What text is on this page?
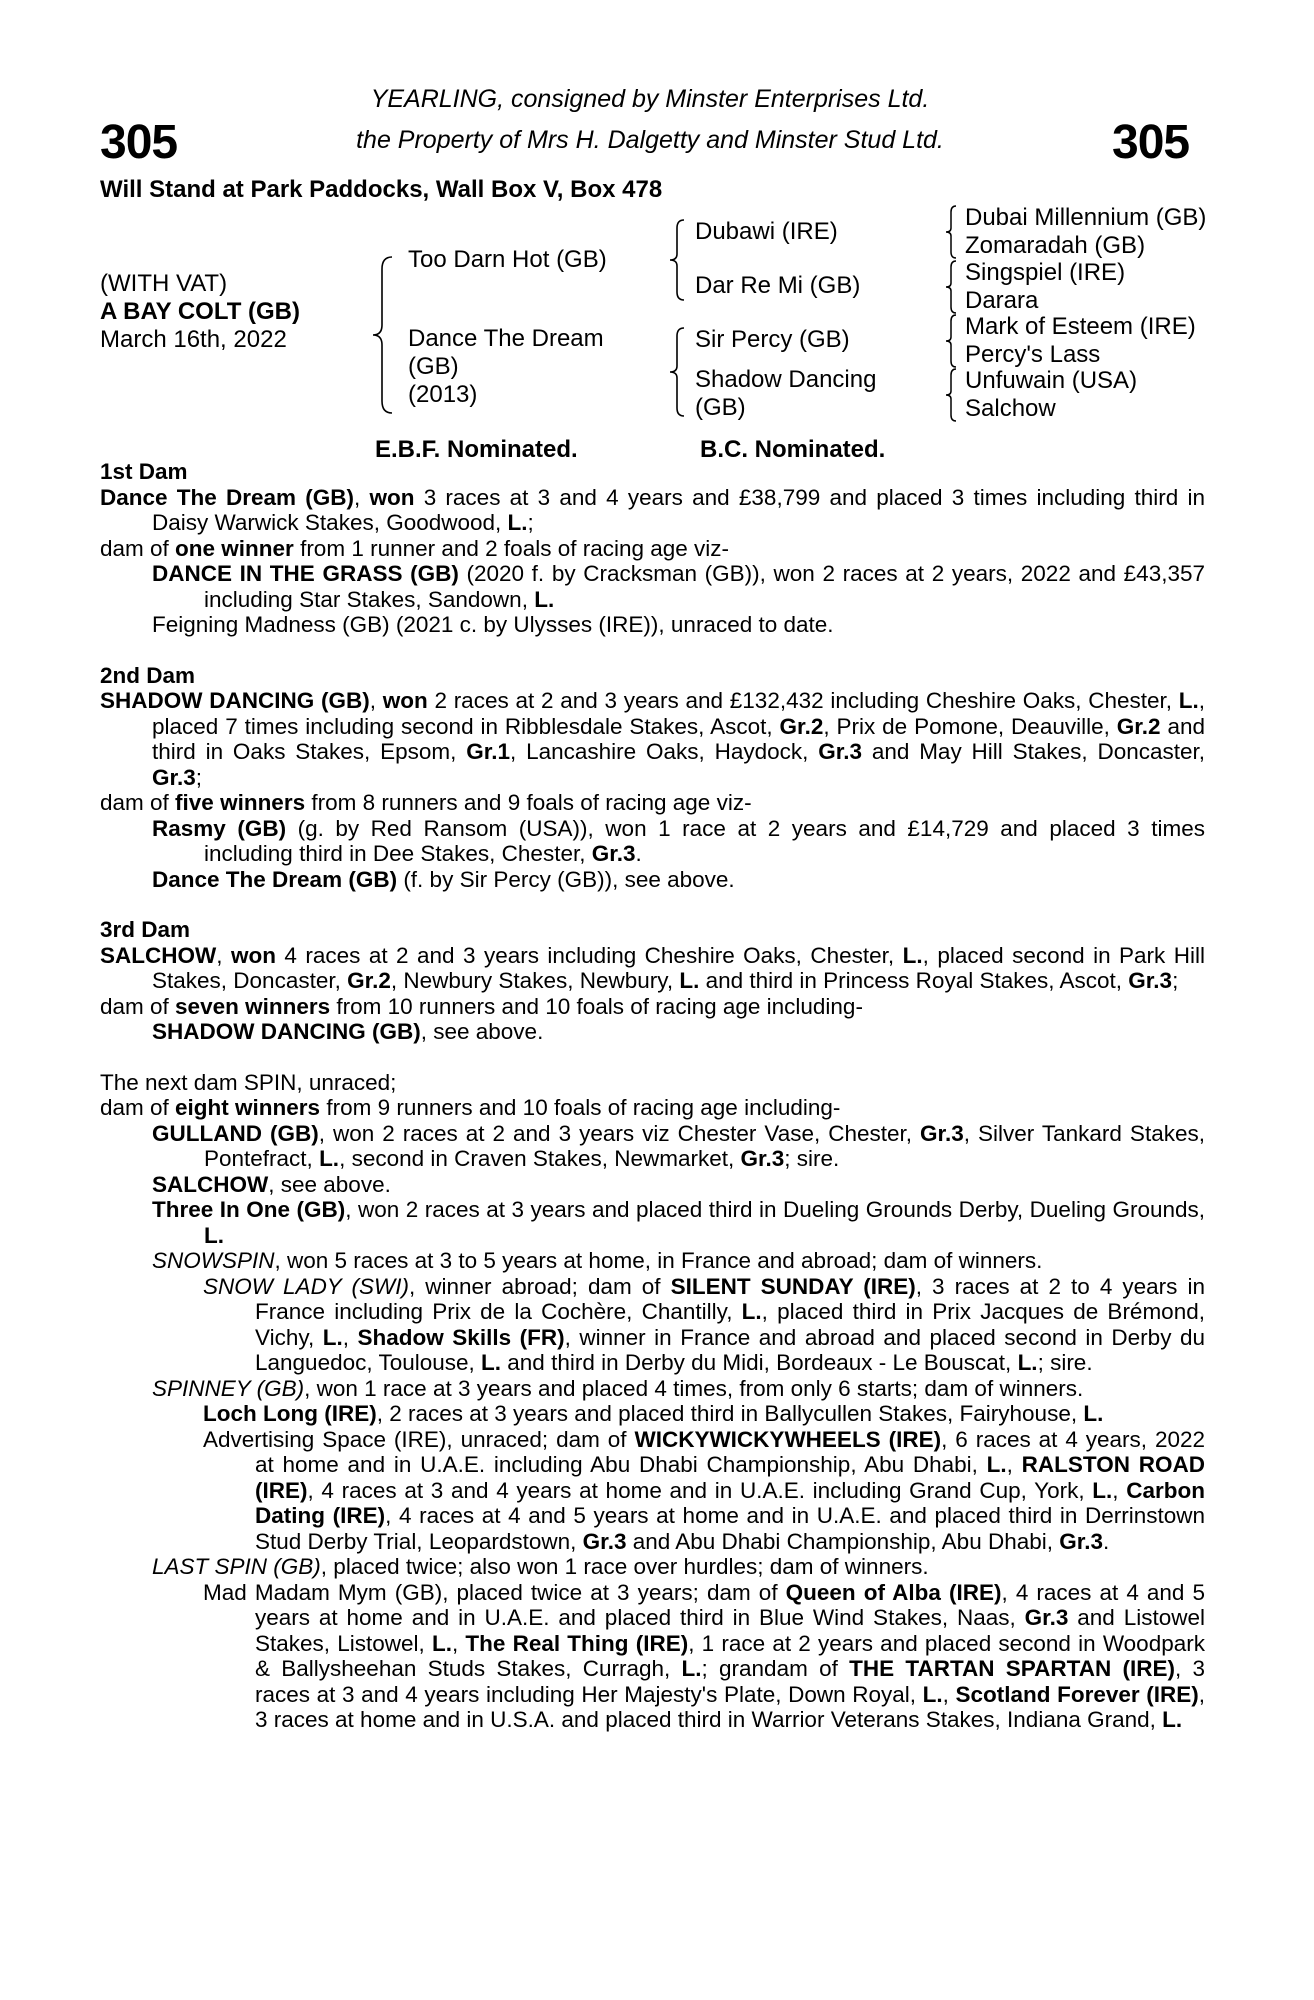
305	305
YEARLING, consigned by Minster Enterprises Ltd.
the Property of Mrs H. Dalgetty and Minster Stud Ltd.
Will Stand at Park Paddocks, Wall Box V, Box 478
(WITH VAT)
A BAY COLT (GB)
March 16th, 2022
Too Darn Hot (GB)
Dance The Dream
(GB)
(2013)
Dubawi (IRE)
Dar Re Mi (GB)
Sir Percy (GB)
Shadow Dancing
(GB)
Dubai Millennium (GB)
Zomaradah (GB)
Singspiel (IRE)
Darara
Mark of Esteem (IRE)
Percy's Lass
Unfuwain (USA)
Salchow
E.B.F. Nominated.	B.C. Nominated.
1st Dam
Dance The Dream (GB), won 3 races at 3 and 4 years and £38,799 and placed 3 times including third in Daisy Warwick Stakes, Goodwood, L.;
dam of one winner from 1 runner and 2 foals of racing age viz-
DANCE IN THE GRASS (GB) (2020 f. by Cracksman (GB)), won 2 races at 2 years, 2022 and £43,357 including Star Stakes, Sandown, L.
Feigning Madness (GB) (2021 c. by Ulysses (IRE)), unraced to date.
2nd Dam
SHADOW DANCING (GB), won 2 races at 2 and 3 years and £132,432 including Cheshire Oaks, Chester, L., placed 7 times including second in Ribblesdale Stakes, Ascot, Gr.2, Prix de Pomone, Deauville, Gr.2 and third in Oaks Stakes, Epsom, Gr.1, Lancashire Oaks, Haydock, Gr.3 and May Hill Stakes, Doncaster, Gr.3;
dam of five winners from 8 runners and 9 foals of racing age viz-
Rasmy (GB) (g. by Red Ransom (USA)), won 1 race at 2 years and £14,729 and placed 3 times including third in Dee Stakes, Chester, Gr.3.
Dance The Dream (GB) (f. by Sir Percy (GB)), see above.
3rd Dam
SALCHOW, won 4 races at 2 and 3 years including Cheshire Oaks, Chester, L., placed second in Park Hill Stakes, Doncaster, Gr.2, Newbury Stakes, Newbury, L. and third in Princess Royal Stakes, Ascot, Gr.3;
dam of seven winners from 10 runners and 10 foals of racing age including-
SHADOW DANCING (GB), see above.
The next dam SPIN, unraced;
dam of eight winners from 9 runners and 10 foals of racing age including-
GULLAND (GB), won 2 races at 2 and 3 years viz Chester Vase, Chester, Gr.3, Silver Tankard Stakes, Pontefract, L., second in Craven Stakes, Newmarket, Gr.3; sire.
SALCHOW, see above.
Three In One (GB), won 2 races at 3 years and placed third in Dueling Grounds Derby, Dueling Grounds, L.
SNOWSPIN, won 5 races at 3 to 5 years at home, in France and abroad; dam of winners.
SNOW LADY (SWI), winner abroad; dam of SILENT SUNDAY (IRE), 3 races at 2 to 4 years in France including Prix de la Cochère, Chantilly, L., placed third in Prix Jacques de Brémond, Vichy, L., Shadow Skills (FR), winner in France and abroad and placed second in Derby du Languedoc, Toulouse, L. and third in Derby du Midi, Bordeaux - Le Bouscat, L.; sire.
SPINNEY (GB), won 1 race at 3 years and placed 4 times, from only 6 starts; dam of winners.
Loch Long (IRE), 2 races at 3 years and placed third in Ballycullen Stakes, Fairyhouse, L.
Advertising Space (IRE), unraced; dam of WICKYWICKYWHEELS (IRE), 6 races at 4 years, 2022 at home and in U.A.E. including Abu Dhabi Championship, Abu Dhabi, L., RALSTON ROAD (IRE), 4 races at 3 and 4 years at home and in U.A.E. including Grand Cup, York, L., Carbon Dating (IRE), 4 races at 4 and 5 years at home and in U.A.E. and placed third in Derrinstown Stud Derby Trial, Leopardstown, Gr.3 and Abu Dhabi Championship, Abu Dhabi, Gr.3.
LAST SPIN (GB), placed twice; also won 1 race over hurdles; dam of winners.
Mad Madam Mym (GB), placed twice at 3 years; dam of Queen of Alba (IRE), 4 races at 4 and 5 years at home and in U.A.E. and placed third in Blue Wind Stakes, Naas, Gr.3 and Listowel Stakes, Listowel, L., The Real Thing (IRE), 1 race at 2 years and placed second in Woodpark & Ballysheehan Studs Stakes, Curragh, L.; grandam of THE TARTAN SPARTAN (IRE), 3 races at 3 and 4 years including Her Majesty's Plate, Down Royal, L., Scotland Forever (IRE), 3 races at home and in U.S.A. and placed third in Warrior Veterans Stakes, Indiana Grand, L.
